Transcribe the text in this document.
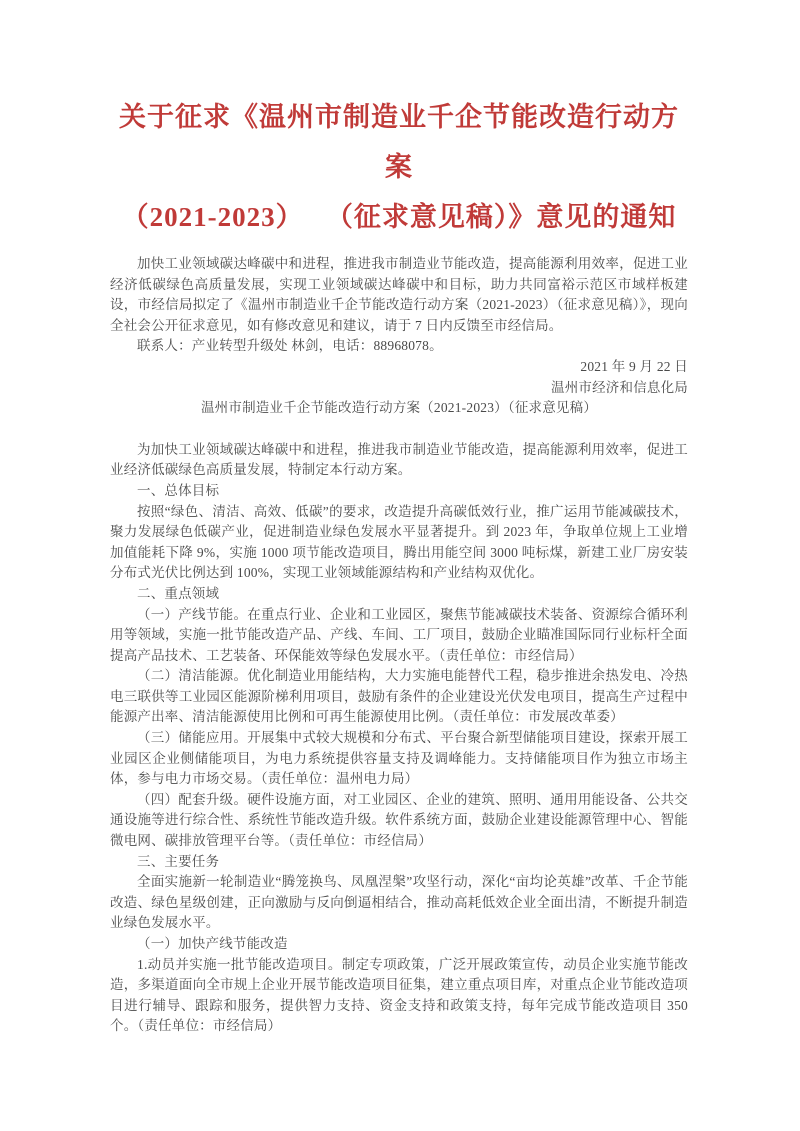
关于征求《温州市制造业千企节能改造行动方案
（2021-2023）　 （征求意见稿）》意见的通知

加快工业领域碳达峰碳中和进程，推进我市制造业节能改造，提高能源利用效率，促进工业经济低碳绿色高质量发展，实现工业领域碳达峰碳中和目标，助力共同富裕示范区市域样板建设，市经信局拟定了《温州市制造业千企节能改造行动方案（2021-2023）（征求意见稿）》，现向全社会公开征求意见，如有修改意见和建议，请于 7 日内反馈至市经信局。

联系人：产业转型升级处 林剑，电话：88968078。

2021 年 9 月 22 日

温州市经济和信息化局

温州市制造业千企节能改造行动方案（2021-2023）（征求意见稿）

为加快工业领域碳达峰碳中和进程，推进我市制造业节能改造，提高能源利用效率，促进工业经济低碳绿色高质量发展，特制定本行动方案。

一、总体目标

按照“绿色、清洁、高效、低碳”的要求，改造提升高碳低效行业，推广运用节能减碳技术，聚力发展绿色低碳产业，促进制造业绿色发展水平显著提升。到 2023 年，争取单位规上工业增加值能耗下降 9%，实施 1000 项节能改造项目，腾出用能空间 3000 吨标煤，新建工业厂房安装分布式光伏比例达到 100%，实现工业领域能源结构和产业结构双优化。

二、重点领域

（一）产线节能。在重点行业、企业和工业园区，聚焦节能减碳技术装备、资源综合循环利用等领域，实施一批节能改造产品、产线、车间、工厂项目，鼓励企业瞄准国际同行业标杆全面提高产品技术、工艺装备、环保能效等绿色发展水平。（责任单位：市经信局）

（二）清洁能源。优化制造业用能结构，大力实施电能替代工程，稳步推进余热发电、冷热电三联供等工业园区能源阶梯利用项目，鼓励有条件的企业建设光伏发电项目，提高生产过程中能源产出率、清洁能源使用比例和可再生能源使用比例。（责任单位：市发展改革委）

（三）储能应用。开展集中式较大规模和分布式、平台聚合新型储能项目建设，探索开展工业园区企业侧储能项目，为电力系统提供容量支持及调峰能力。支持储能项目作为独立市场主体，参与电力市场交易。（责任单位：温州电力局）

（四）配套升级。硬件设施方面，对工业园区、企业的建筑、照明、通用用能设备、公共交通设施等进行综合性、系统性节能改造升级。软件系统方面，鼓励企业建设能源管理中心、智能微电网、碳排放管理平台等。（责任单位：市经信局）

三、主要任务

全面实施新一轮制造业“腾笼换鸟、凤凰涅槃”攻坚行动，深化“亩均论英雄”改革、千企节能改造、绿色星级创建，正向激励与反向倒逼相结合，推动高耗低效企业全面出清，不断提升制造业绿色发展水平。

（一）加快产线节能改造

1.动员并实施一批节能改造项目。制定专项政策，广泛开展政策宣传，动员企业实施节能改造，多渠道面向全市规上企业开展节能改造项目征集，建立重点项目库，对重点企业节能改造项目进行辅导、跟踪和服务，提供智力支持、资金支持和政策支持，每年完成节能改造项目 350 个。（责任单位：市经信局）
